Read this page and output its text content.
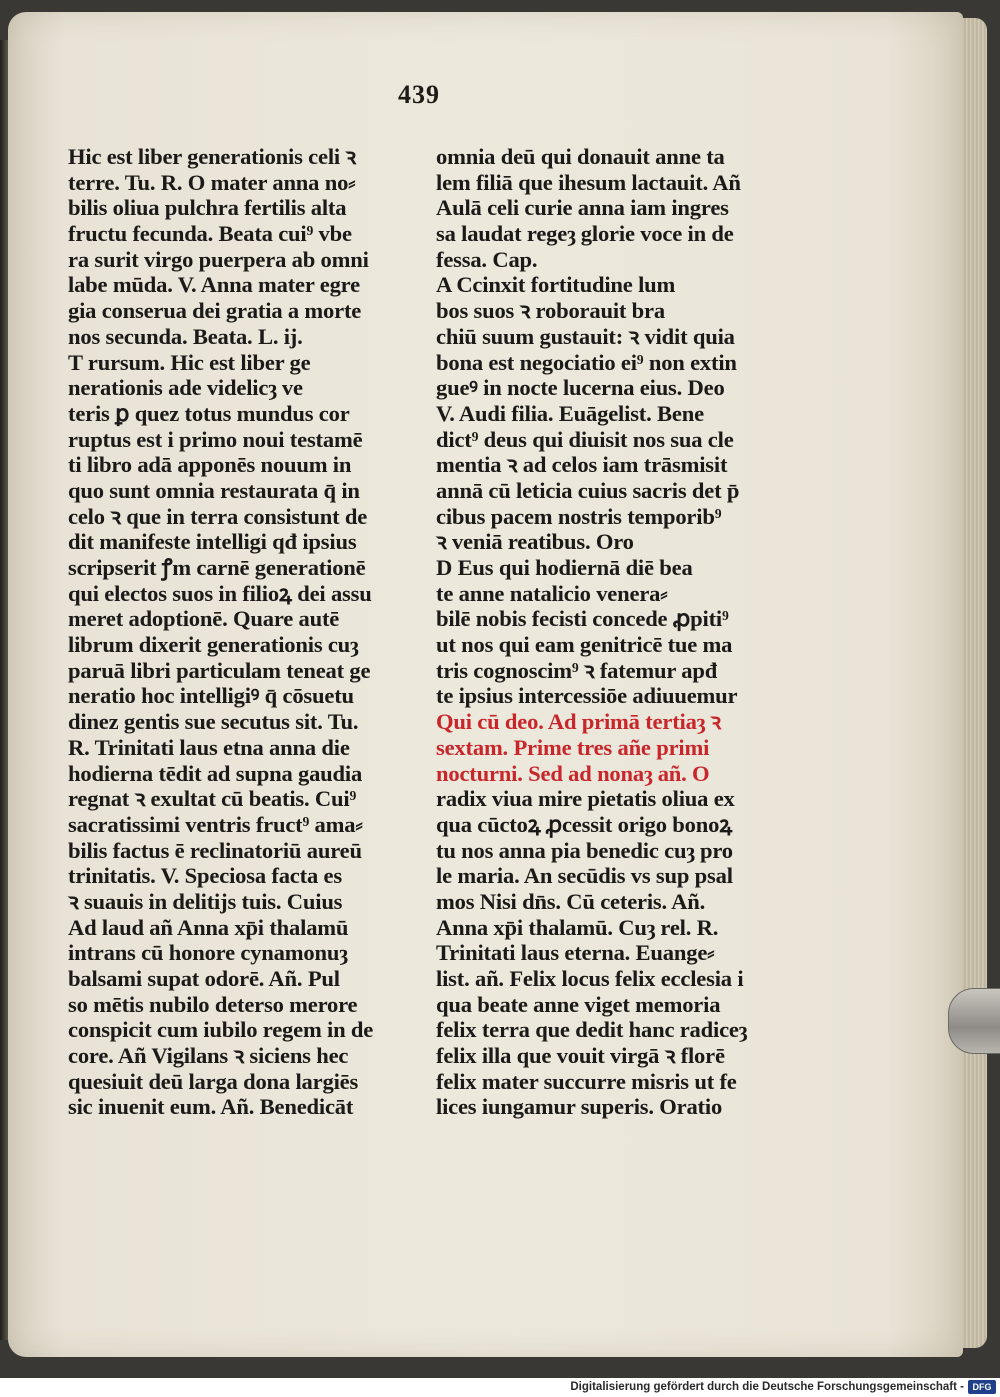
439
Hic est liber generationis celi ꝛ
terre. Tu. R. O mater anna no⸗
bilis oliua pulchra fertilis alta
fructu fecunda. Beata cui⁹ vbe
ra surit virgo puerpera ab omni
labe mūda. V. Anna mater egre
gia conserua dei gratia a morte
nos secunda. Beata. L. ij.
T rursum. Hic est liber ge
nerationis ade videlicȝ ve
teris ꝑ quez totus mundus cor
ruptus est i primo noui testamē
ti libro adā apponēs nouum in
quo sunt omnia restaurata q̄ in
celo ꝛ que in terra consistunt de
dit manifeste intelligi qđ ipsius
scripserit ꝭm carnē generationē
qui electos suos in filioꝝ dei assu
meret adoptionē. Quare autē
librum dixerit generationis cuȝ
paruā libri particulam teneat ge
neratio hoc intelligiꝰ q̄ cōsuetu
dinez gentis sue secutus sit. Tu.
R. Trinitati laus etna anna die
hodierna tēdit ad supna gaudia
regnat ꝛ exultat cū beatis. Cui⁹
sacratissimi ventris fruct⁹ ama⸗
bilis factus ē reclinatoriū aureū
trinitatis. V. Speciosa facta es
ꝛ suauis in delitijs tuis. Cuius
Ad laud añ Anna xp̄i thalamū
intrans cū honore cynamonuȝ
balsami supat odorē. Añ. Pul
so mētis nubilo deterso merore
conspicit cum iubilo regem in de
core. Añ Vigilans ꝛ siciens hec
quesiuit deū larga dona largiēs
sic inuenit eum. Añ. Benedicāt
omnia deū qui donauit anne ta
lem filiā que ihesum lactauit. Añ
Aulā celi curie anna iam ingres
sa laudat regeȝ glorie voce in de
fessa. Cap.
A Ccinxit fortitudine lum
bos suos ꝛ roborauit bra
chiū suum gustauit: ꝛ vidit quia
bona est negociatio ei⁹ non extin
gueꝰ in nocte lucerna eius. Deo
V. Audi filia. Euāgelist. Bene
dict⁹ deus qui diuisit nos sua cle
mentia ꝛ ad celos iam trāsmisit
annā cū leticia cuius sacris det p̄
cibus pacem nostris temporib⁹
ꝛ veniā reatibus. Oro
D Eus qui hodiernā diē bea
te anne natalicio venera⸗
bilē nobis fecisti concede ꝓpiti⁹
ut nos qui eam genitricē tue ma
tris cognoscim⁹ ꝛ fatemur apđ
te ipsius intercessiōe adiuuemur
Qui cū deo. Ad primā tertiaȝ ꝛ
sextam. Prime tres añe primi
nocturni. Sed ad nonaȝ añ. O
radix viua mire pietatis oliua ex
qua cūctoꝝ ꝓcessit origo bonoꝝ
tu nos anna pia benedic cuȝ pro
le maria. An secūdis vs sup psal
mos Nisi dn̄s. Cū ceteris. Añ.
Anna xp̄i thalamū. Cuȝ rel. R.
Trinitati laus eterna. Euange⸗
list. añ. Felix locus felix ecclesia i
qua beate anne viget memoria
felix terra que dedit hanc radiceȝ
felix illa que vouit virgā ꝛ florē
felix mater succurre misris ut fe
lices iungamur superis. Oratio
Digitalisierung gefördert durch die Deutsche Forschungsgemeinschaft - DFG
